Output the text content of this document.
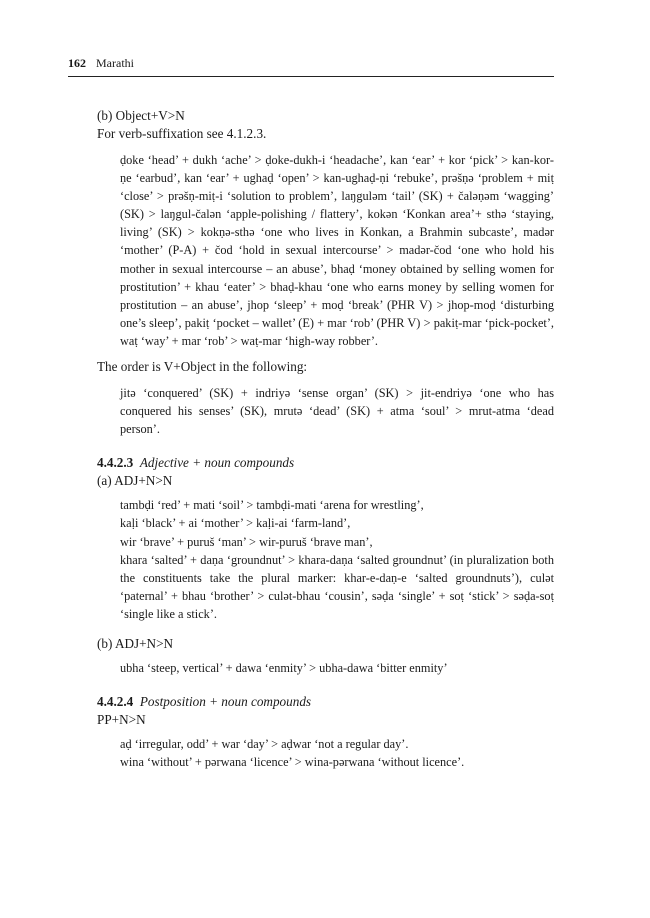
162 Marathi
(b) Object+V>N
For verb-suffixation see 4.1.2.3.

ḍoke ‘head’ + dukh ‘ache’ > ḍoke-dukh-i ‘headache’, kan ‘ear’ + kor ‘pick’ > kan-kor-ṇe ‘earbud’, kan ‘ear’ + ughaḍ ‘open’ > kan-ughaḍ-ṇi ‘rebuke’, prəšṇə ‘problem + miṭ ‘close’ > prəšṇ-miṭ-i ‘solution to problem’, laŋguləm ‘tail’ (SK) + čaləṇəm ‘wagging’ (SK) > laŋgul-čalən ‘apple-polishing / flattery’, kokən ‘Konkan area’+ sthə ‘staying, living’ (SK) > kokṇə-sthə ‘one who lives in Konkan, a Brahmin subcaste’, madər ‘mother’ (P-A) + čod ‘hold in sexual intercourse’ > madər-čod ‘one who hold his mother in sexual intercourse – an abuse’, bhaḍ ‘money obtained by selling women for prostitution’ + khau ‘eater’ > bhaḍ-khau ‘one who earns money by selling women for prostitution – an abuse’, jhop ‘sleep’ + moḍ ‘break’ (PHR V) > jhop-moḍ ‘disturbing one’s sleep’, pakiṭ ‘pocket – wallet’ (E) + mar ‘rob’ (PHR V) > pakiṭ-mar ‘pick-pocket’, waṭ ‘way’ + mar ‘rob’ > waṭ-mar ‘high-way robber’.

The order is V+Object in the following:

jitə ‘conquered’ (SK) + indriyə ‘sense organ’ (SK) > jit-endriyə ‘one who has conquered his senses’ (SK), mrutə ‘dead’ (SK) + atma ‘soul’ > mrut-atma ‘dead person’.

4.4.2.3 Adjective + noun compounds
(a) ADJ+N>N

tambḍi ‘red’ + mati ‘soil’ > tambḍi-mati ‘arena for wrestling’,

kaḷi ‘black’ + ai ‘mother’ > kaḷi-ai ‘farm-land’,

wir ‘brave’ + puruš ‘man’ > wir-puruš ‘brave man’,

khara ‘salted’ + daṇa ‘groundnut’ > khara-daṇa ‘salted groundnut’ (in pluralization both the constituents take the plural marker: khar-e-daṇ-e ‘salted groundnuts’), culət ‘paternal’ + bhau ‘brother’ > culət-bhau ‘cousin’, səḍa ‘single’ + soṭ ‘stick’ > səḍa-soṭ ‘single like a stick’.

(b) ADJ+N>N

ubha ‘steep, vertical’ + dawa ‘enmity’ > ubha-dawa ‘bitter enmity’

4.4.2.4 Postposition + noun compounds
PP+N>N

aḍ ‘irregular, odd’ + war ‘day’ > aḍwar ‘not a regular day’.

wina ‘without’ + pərwana ‘licence’ > wina-pərwana ‘without licence’.
